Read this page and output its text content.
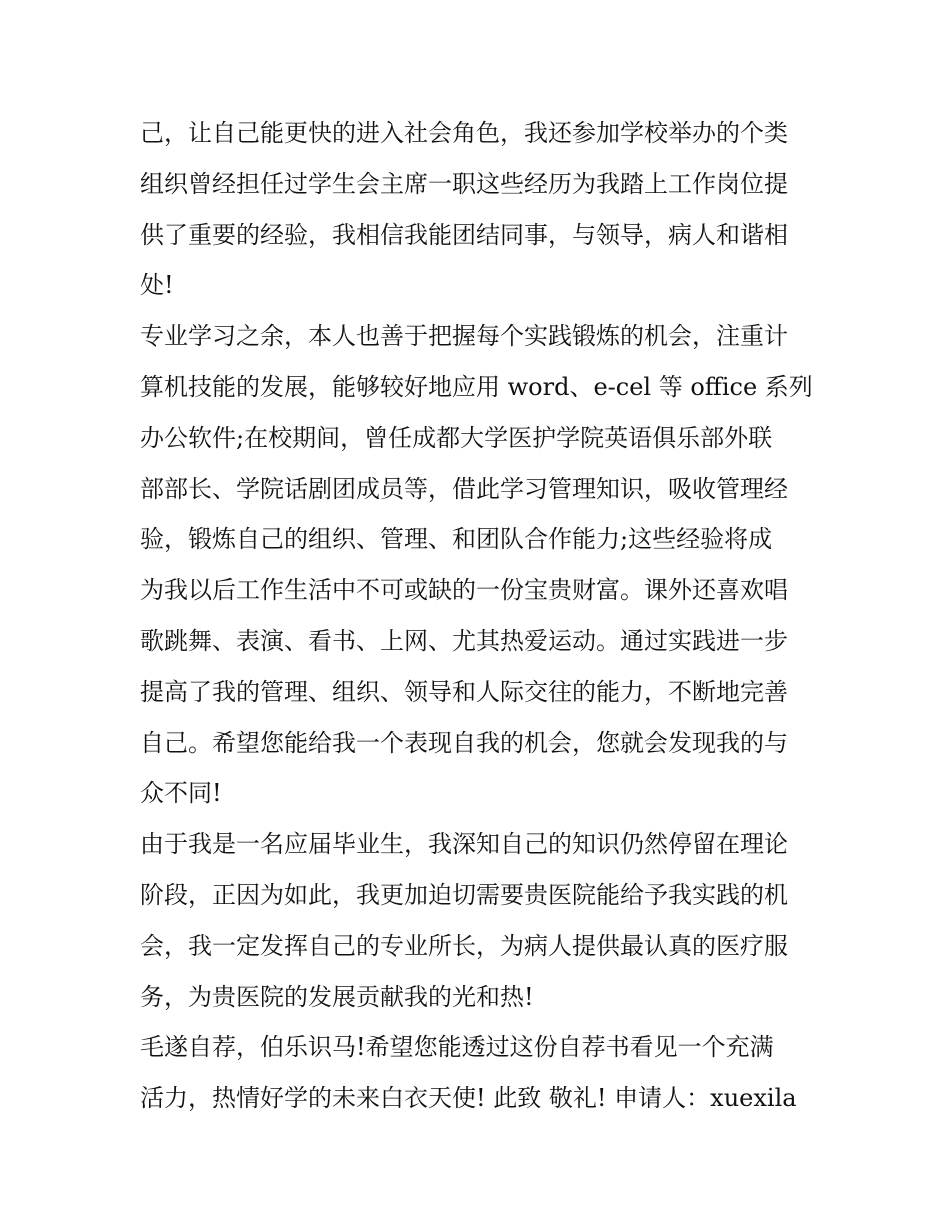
己，让自己能更快的进入社会角色，我还参加学校举办的个类
组织曾经担任过学生会主席一职这些经历为我踏上工作岗位提
供了重要的经验，我相信我能团结同事，与领导，病人和谐相
处!
专业学习之余，本人也善于把握每个实践锻炼的机会，注重计
算机技能的发展，能够较好地应用 word、e-cel 等 office 系列
办公软件;在校期间，曾任成都大学医护学院英语俱乐部外联
部部长、学院话剧团成员等，借此学习管理知识，吸收管理经
验，锻炼自己的组织、管理、和团队合作能力;这些经验将成
为我以后工作生活中不可或缺的一份宝贵财富。课外还喜欢唱
歌跳舞、表演、看书、上网、尤其热爱运动。通过实践进一步
提高了我的管理、组织、领导和人际交往的能力，不断地完善
自己。希望您能给我一个表现自我的机会，您就会发现我的与
众不同!
由于我是一名应届毕业生，我深知自己的知识仍然停留在理论
阶段，正因为如此，我更加迫切需要贵医院能给予我实践的机
会，我一定发挥自己的专业所长，为病人提供最认真的医疗服
务，为贵医院的发展贡献我的光和热!
毛遂自荐，伯乐识马!希望您能透过这份自荐书看见一个充满
活力，热情好学的未来白衣天使! 此致 敬礼! 申请人：xuexila
